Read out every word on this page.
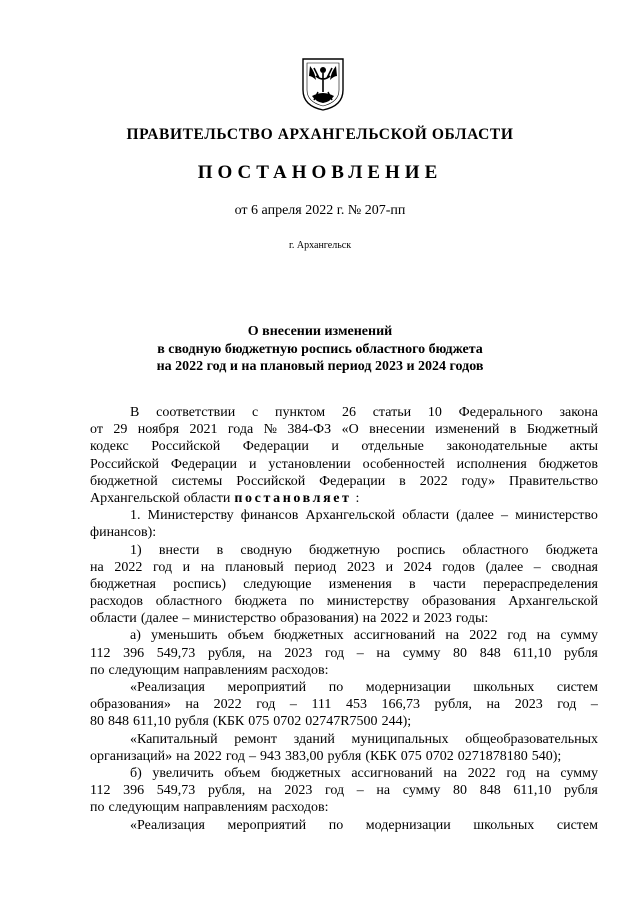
ПРАВИТЕЛЬСТВО АРХАНГЕЛЬСКОЙ ОБЛАСТИ
ПОСТАНОВЛЕНИЕ
от 6 апреля 2022 г. № 207-пп
г. Архангельск
О внесении изменений
в сводную бюджетную роспись областного бюджета
на 2022 год и на плановый период 2023 и 2024 годов
В соответствии с пунктом 26 статьи 10 Федерального закона
от 29 ноября 2021 года № 384-ФЗ «О внесении изменений в Бюджетный
кодекс Российской Федерации и отдельные законодательные акты
Российской Федерации и установлении особенностей исполнения бюджетов
бюджетной системы Российской Федерации в 2022 году» Правительство
Архангельской области постановляет :
1. Министерству финансов Архангельской области (далее – министерство
финансов):
1) внести в сводную бюджетную роспись областного бюджета
на 2022 год и на плановый период 2023 и 2024 годов (далее – сводная
бюджетная роспись) следующие изменения в части перераспределения
расходов областного бюджета по министерству образования Архангельской
области (далее – министерство образования) на 2022 и 2023 годы:
а) уменьшить объем бюджетных ассигнований на 2022 год на сумму
112 396 549,73 рубля, на 2023 год – на сумму 80 848 611,10 рубля
по следующим направлениям расходов:
«Реализация мероприятий по модернизации школьных систем
образования» на 2022 год – 111 453 166,73 рубля, на 2023 год –
80 848 611,10 рубля (КБК 075 0702 02747R7500 244);
«Капитальный ремонт зданий муниципальных общеобразовательных
организаций» на 2022 год – 943 383,00 рубля (КБК 075 0702 0271878180 540);
б) увеличить объем бюджетных ассигнований на 2022 год на сумму
112 396 549,73 рубля, на 2023 год – на сумму 80 848 611,10 рубля
по следующим направлениям расходов:
«Реализация мероприятий по модернизации школьных систем
